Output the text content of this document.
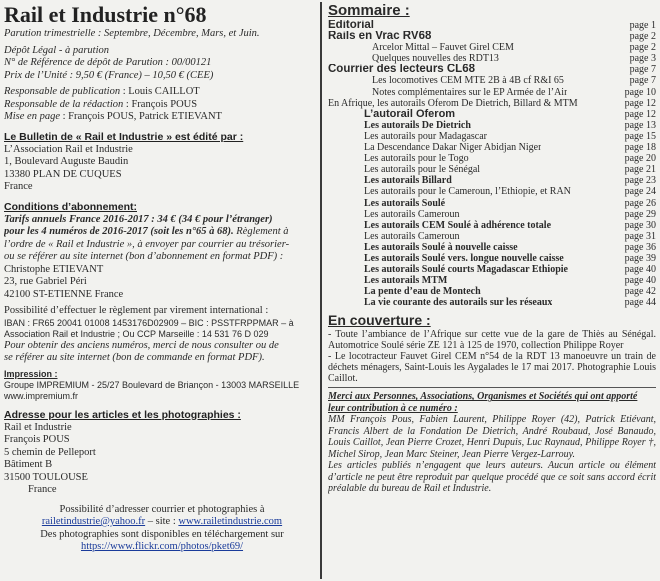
Rail et Industrie n°68
Parution trimestrielle : Septembre, Décembre, Mars, et Juin.
Dépôt Légal - à parution
N° de Référence de dépôt de Parution : 00/00121
Prix de l’Unité : 9,50 € (France) – 10,50 € (CEE)
Responsable de publication : Louis CAILLOT
Responsable de la rédaction : François POUS
Mise en page : François POUS, Patrick ETIEVANT
Le Bulletin de « Rail et Industrie » est édité par :
L’Association Rail et Industrie
1, Boulevard Auguste Baudin
13380 PLAN DE CUQUES
France
Conditions d’abonnement:
Tarifs annuels France 2016-2017 : 34 € (34 € pour l’étranger)
pour les 4 numéros de 2016-2017 (soit les n°65 à 68). Règlement à
l’ordre de « Rail et Industrie », à envoyer par courrier au trésorier-
ou se référer au site internet (bon d’abonnement en format PDF) :
Christophe ETIEVANT
23, rue Gabriel Péri
42100 ST-ETIENNE France
Possibilité d’effectuer le règlement par virement international :
IBAN : FR65 20041 01008 1453176D02909 – BIC : PSSTFRPPMAR – à
Association Rail et Industrie ; Ou CCP Marseille : 14 531 76 D 029
Pour obtenir des anciens numéros, merci de nous consulter ou de
se référer au site internet (bon de commande en format PDF).
Impression :
Groupe IMPREMIUM - 25/27 Boulevard de Briançon - 13003 MARSEILLE
www.impremium.fr
Adresse pour les articles et les photographies :
Rail et Industrie
François POUS
5 chemin de Pelleport
Bâtiment B
31500 TOULOUSE
France
Possibilité d’adresser courrier et photographies à
railetindustrie@yahoo.fr – site : www.railetindustrie.com
Des photographies sont disponibles en téléchargement sur
https://www.flickr.com/photos/pket69/
Sommaire :
Editorial	page 1
Rails en Vrac RV68	page 2
Arcelor Mittal – Fauvet Girel CEM	page 2
Quelques nouvelles des RDT13	page 3
Courrier des lecteurs CL68	page 7
Les locomotives CEM MTE 2B à 4B cf R&I 65	page 7
Notes complémentaires sur le EP Armée de l’Air	page 10
En Afrique, les autorails Oferom De Dietrich, Billard & MTM	page 12
L’autorail Oferom	page 12
Les autorails De Dietrich	page 13
Les autorails pour Madagascar	page 15
La Descendance Dakar Niger Abidjan Niger	page 18
Les autorails pour le Togo	page 20
Les autorails pour le Sénégal	page 21
Les autorails Billard	page 23
Les autorails pour le Cameroun, l’Ethiopie, et RAN	page 24
Les autorails Soulé	page 26
Les autorails Cameroun	page 29
Les autorails CEM Soulé à adhérence totale	page 30
Les autorails Cameroun	page 31
Les autorails Soulé à nouvelle caisse	page 36
Les autorails Soulé vers. longue nouvelle caisse	page 39
Les autorails Soulé courts Magadascar Ethiopie	page 40
Les autorails MTM	page 40
La pente d’eau de Montech	page 42
La vie courante des autorails sur les réseaux	page 44
En couverture :
- Toute l’ambiance de l’Afrique sur cette vue de la gare de Thiès au Sénégal. Automotrice Soulé série ZE 121 à 125 de 1970, collection Philippe Royer
- Le locotracteur Fauvet Girel CEM n°54 de la RDT 13 manoeuvre un train de déchets ménagers, Saint-Louis les Aygalades le 17 mai 2017. Photographie Louis Caillot.
Merci aux Personnes, Associations, Organismes et Sociétés qui ont apporté leur contribution à ce numéro :
MM François Pous, Fabien Laurent, Philippe Royer (42), Patrick Etiévant, Francis Albert de la Fondation De Dietrich, André Roubaud, José Banaudo, Louis Caillot, Jean Pierre Crozet, Henri Dupuis, Luc Raynaud, Philippe Royer †, Michel Sirop, Jean Marc Steiner, Jean Pierre Vergez-Larrouy.
Les articles publiés n’engagent que leurs auteurs. Aucun article ou élément d’article ne peut être reproduit par quelque procédé que ce soit sans accord écrit préalable du bureau de Rail et Industrie.
